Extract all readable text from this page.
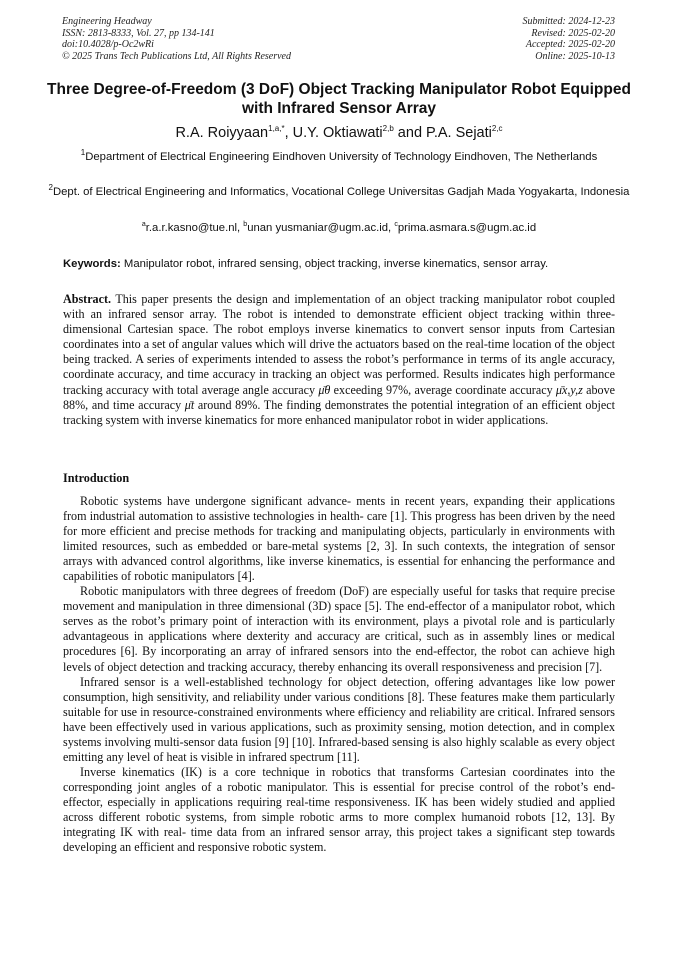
Engineering Headway
ISSN: 2813-8333, Vol. 27, pp 134-141
doi:10.4028/p-Oc2wRi
© 2025 Trans Tech Publications Ltd, All Rights Reserved
Submitted: 2024-12-23
Revised: 2025-02-20
Accepted: 2025-02-20
Online: 2025-10-13
Three Degree-of-Freedom (3 DoF) Object Tracking Manipulator Robot Equipped with Infrared Sensor Array
R.A. Roiyyaan$^{1,a,*}$, U.Y. Oktiawati$^{2,b}$ and P.A. Sejati$^{2,c}$
$^1$Department of Electrical Engineering Eindhoven University of Technology Eindhoven, The Netherlands
$^2$Dept. of Electrical Engineering and Informatics, Vocational College Universitas Gadjah Mada Yogyakarta, Indonesia
$^a$r.a.r.kasno@tue.nl, $^b$unan yusmaniar@ugm.ac.id, $^c$prima.asmara.s@ugm.ac.id
Keywords: Manipulator robot, infrared sensing, object tracking, inverse kinematics, sensor array.
Abstract. This paper presents the design and implementation of an object tracking manipulator robot coupled with an infrared sensor array. The robot is intended to demonstrate efficient object tracking within three-dimensional Cartesian space. The robot employs inverse kinematics to convert sensor inputs from Cartesian coordinates into a set of angular values which will drive the actuators based on the real-time location of the object being tracked. A series of experiments intended to assess the robot’s performance in terms of its angle accuracy, coordinate accuracy, and time accuracy in tracking an object was performed. Results indicates high performance tracking accuracy with total average angle accuracy μ̄θ exceeding 97%, average coordinate accuracy μ̄x,y,z above 88%, and time accuracy μ̄t around 89%. The finding demonstrates the potential integration of an efficient object tracking system with inverse kinematics for more enhanced manipulator robot in wider applications.
Introduction

Robotic systems have undergone significant advance- ments in recent years, expanding their applications from industrial automation to assistive technologies in health- care [1]. This progress has been driven by the need for more efficient and precise methods for tracking and manipulating objects, particularly in environments with limited resources, such as embedded or bare-metal systems [2, 3]. In such contexts, the integration of sensor arrays with advanced control algorithms, like inverse kinematics, is essential for enhancing the performance and capabilities of robotic manipulators [4].

Robotic manipulators with three degrees of freedom (DoF) are especially useful for tasks that require precise movement and manipulation in three dimensional (3D) space [5]. The end-effector of a manipulator robot, which serves as the robot’s primary point of interaction with its environment, plays a pivotal role and is particularly advantageous in applications where dexterity and accuracy are critical, such as in assembly lines or medical procedures [6]. By incorporating an array of infrared sensors into the end-effector, the robot can achieve high levels of object detection and tracking accuracy, thereby enhancing its overall responsiveness and precision [7].

Infrared sensor is a well-established technology for object detection, offering advantages like low power consumption, high sensitivity, and reliability under various conditions [8]. These features make them particularly suitable for use in resource-constrained environments where efficiency and reliability are critical. Infrared sensors have been effectively used in various applications, such as proximity sensing, motion detection, and in complex systems involving multi-sensor data fusion [9] [10]. Infrared-based sensing is also highly scalable as every object emitting any level of heat is visible in infrared spectrum [11].

Inverse kinematics (IK) is a core technique in robotics that transforms Cartesian coordinates into the corresponding joint angles of a robotic manipulator. This is essential for precise control of the robot’s end-effector, especially in applications requiring real-time responsiveness. IK has been widely studied and applied across different robotic systems, from simple robotic arms to more complex humanoid robots [12, 13]. By integrating IK with real- time data from an infrared sensor array, this project takes a significant step towards developing an efficient and responsive robotic system.
